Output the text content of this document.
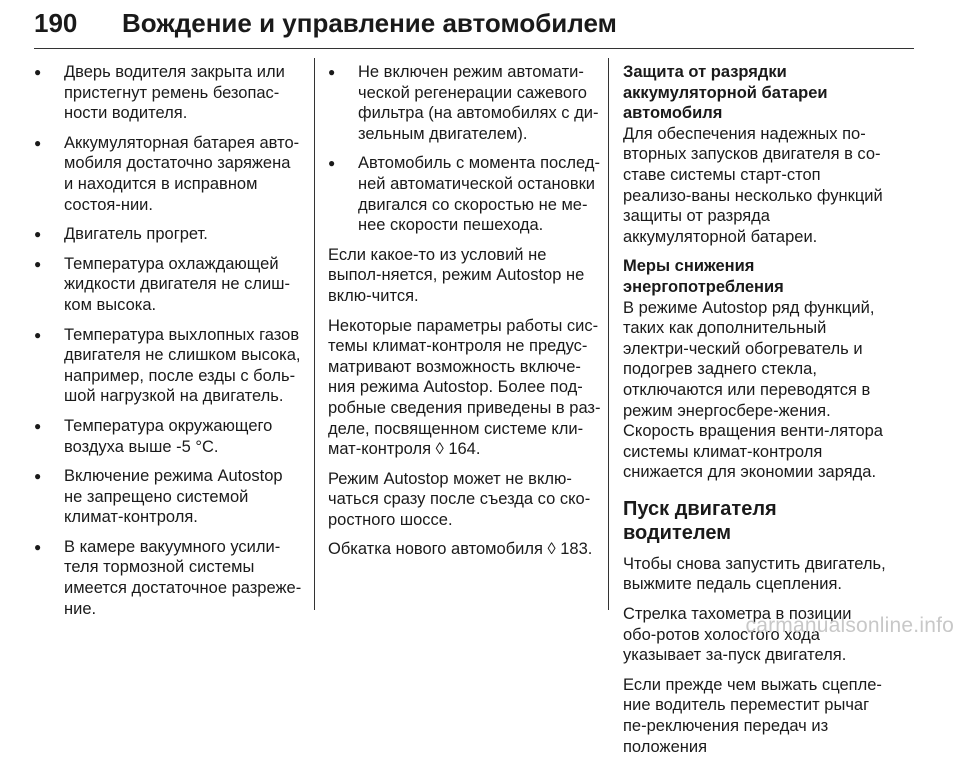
190 Вождение и управление автомобилем
● Дверь водителя закрыта или пристегнут ремень безопас-ности водителя.
● Аккумуляторная батарея авто-мобиля достаточно заряжена и находится в исправном состоя-нии.
● Двигатель прогрет.
● Температура охлаждающей жидкости двигателя не слиш-ком высока.
● Температура выхлопных газов двигателя не слишком высока, например, после езды с боль-шой нагрузкой на двигатель.
● Температура окружающего воздуха выше -5 °C.
● Включение режима Autostop не запрещено системой климат-контроля.
● В камере вакуумного усили-теля тормозной системы имеется достаточное разреже-ние.
● Не включен режим автомати-ческой регенерации сажевого фильтра (на автомобилях с ди-зельным двигателем).
● Автомобиль с момента послед-ней автоматической остановки двигался со скоростью не ме-нее скорости пешехода.

Если какое-то из условий не выпол-няется, режим Autostop не вклю-чится.

Некоторые параметры работы сис-темы климат-контроля не предус-матривают возможность включе-ния режима Autostop. Более под-робные сведения приведены в раз-деле, посвященном системе кли-мат-контроля ◊ 164.

Режим Autostop может не вклю-чаться сразу после съезда со ско-ростного шоссе.

Обкатка нового автомобиля ◊ 183.

Защита от разрядки аккумуляторной батареи автомобиля

Для обеспечения надежных по-вторных запусков двигателя в со-ставе системы старт-стоп реализо-ваны несколько функций защиты от разряда аккумуляторной батареи.

Меры снижения энергопотребления

В режиме Autostop ряд функций, таких как дополнительный электри-ческий обогреватель и подогрев заднего стекла, отключаются или переводятся в режим энергосбере-жения. Скорость вращения венти-лятора системы климат-контроля снижается для экономии заряда.

Пуск двигателя водителем

Чтобы снова запустить двигатель, выжмите педаль сцепления.

Стрелка тахометра в позиции обо-ротов холостого хода указывает за-пуск двигателя.

Если прежде чем выжать сцепле-ние водитель переместит рычаг пе-реключения передач из положения

carmanualsonline.info
